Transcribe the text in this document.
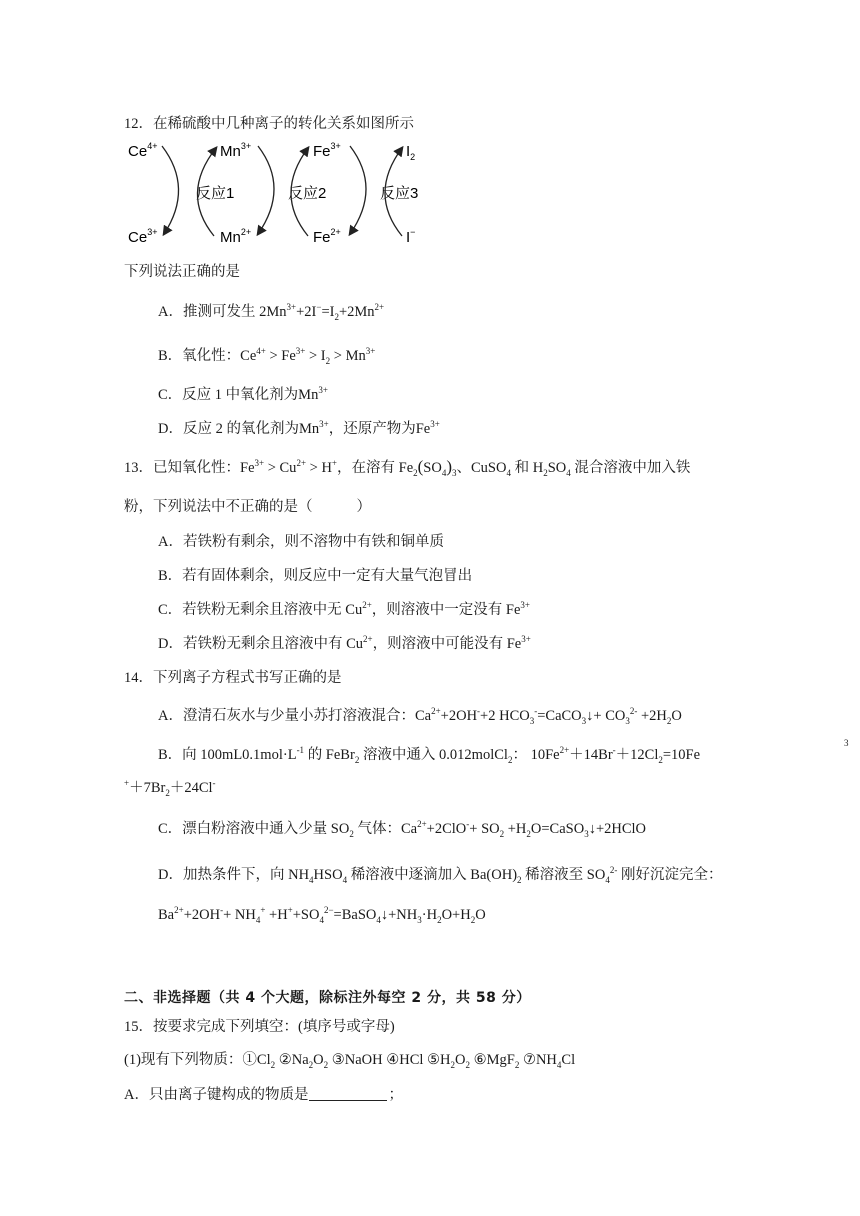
12．在稀硫酸中几种离子的转化关系如图所示
$Ce^{4+}$
$Ce^{3+}$
$Mn^{3+}$
$Mn^{2+}$
$Fe^{3+}$
$Fe^{2+}$
$I_2$
I−
反应1	反应2	反应3
下列说法正确的是
A．推测可发生 $2Mn^{3+}+2I^-=I_2+2Mn^{2+}$
B．氧化性：$Ce^{4+} > Fe^{3+} > I_2 > Mn^{3+}$
C．反应 1 中氧化剂为$Mn^{3+}$
D．反应 2 的氧化剂为$Mn^{3+}$，还原产物为$Fe^{3+}$
13．已知氧化性：$Fe^{3+} > Cu^{2+} > H^+$，在溶有 $Fe_2(SO_4)_3$、CuSO$_4$ 和 $H_2SO_4$ 混合溶液中加入铁
粉，下列说法中不正确的是（	）
A．若铁粉有剩余，则不溶物中有铁和铜单质
B．若有固体剩余，则反应中一定有大量气泡冒出
C．若铁粉无剩余且溶液中无 $Cu^{2+}$，则溶液中一定没有 $Fe^{3+}$
D．若铁粉无剩余且溶液中有 $Cu^{2+}$，则溶液中可能没有 $Fe^{3+}$
14．下列离子方程式书写正确的是
A．澄清石灰水与少量小苏打溶液混合：$Ca^{2+}+2OH^-+2$ $HCO_3^-=CaCO_3↓+ CO_3^{2-} +2H_2O$
B．向 $100mL0.1mol\cdot L^{-1}$ 的 FeBr$_2$ 溶液中通入 0.012molCl$_2$： $10Fe^{2+}+14Br^-+12Cl_2=10Fe$
$^++7Br_2+24Cl^-$
3
C．漂白粉溶液中通入少量 $SO_2$ 气体：$Ca^{2+}+2ClO^-+ SO_2$ $+H_2O=CaSO_3↓+2HClO$
D．加热条件下，向 $NH_4HSO_4$ 稀溶液中逐滴加入 $Ba(OH)_2$ 稀溶液至 $SO_4^{2-}$ 刚好沉淀完全：
$Ba^{2+}+2OH^-+ NH_4^+$ $+H^++SO_4^{2-}=BaSO_4↓+NH_3\cdot H_2O+H_2O$
二、非选择题（共 4 个大题，除标注外每空 2 分，共 58 分）
15．按要求完成下列填空：(填序号或字母)
(1)现有下列物质：$①Cl_2$ $②Na_2O_2$ ③NaOH ④HCl $⑤H_2O_2$ ⑥MgF$_2$ $⑦NH_4Cl$
A．只由离子键构成的物质是	；
